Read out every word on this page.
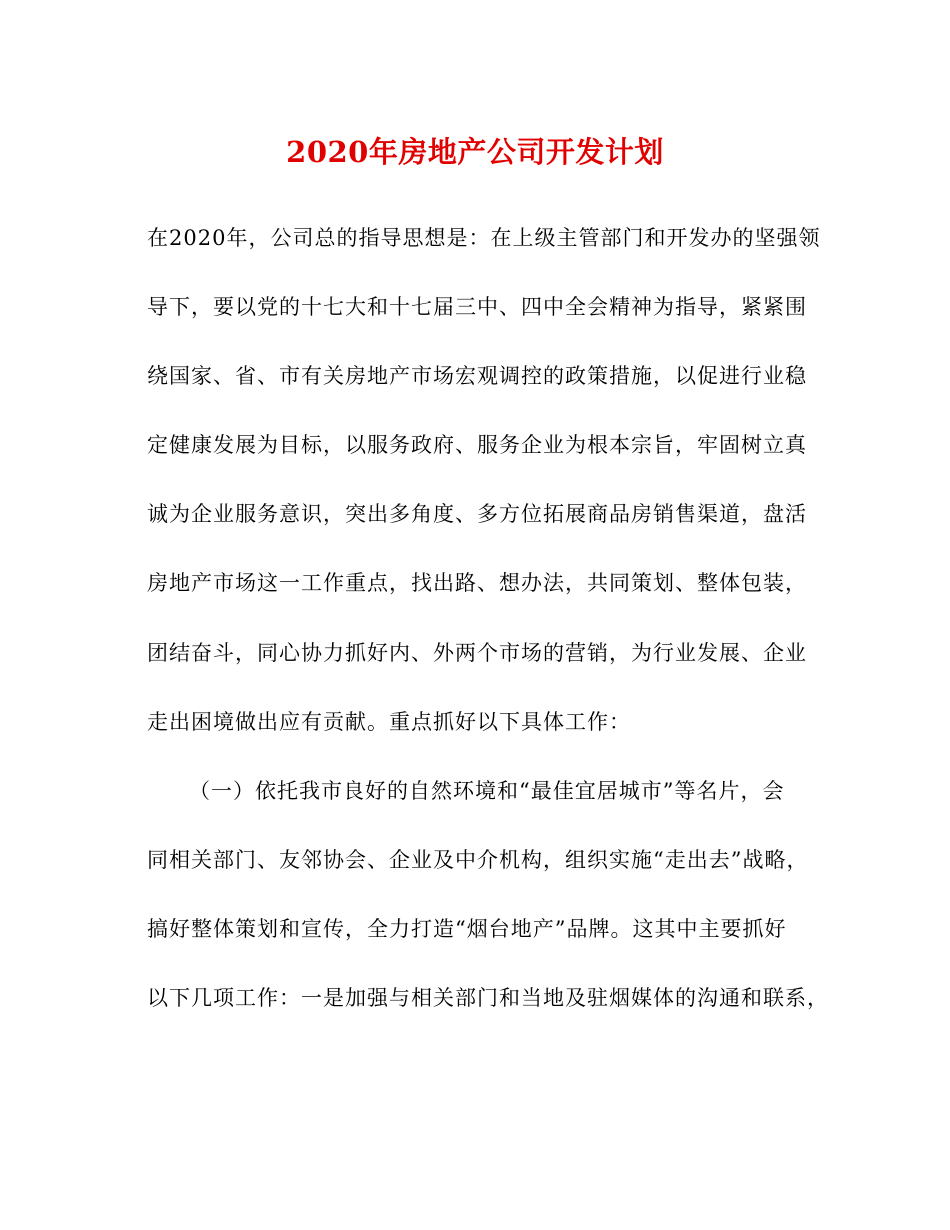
2020年房地产公司开发计划
在2020年，公司总的指导思想是：在上级主管部门和开发办的坚强领
导下，要以党的十七大和十七届三中、四中全会精神为指导，紧紧围
绕国家、省、市有关房地产市场宏观调控的政策措施，以促进行业稳
定健康发展为目标，以服务政府、服务企业为根本宗旨，牢固树立真
诚为企业服务意识，突出多角度、多方位拓展商品房销售渠道，盘活
房地产市场这一工作重点，找出路、想办法，共同策划、整体包装，
团结奋斗，同心协力抓好内、外两个市场的营销，为行业发展、企业
走出困境做出应有贡献。重点抓好以下具体工作：
（一）依托我市良好的自然环境和“最佳宜居城市”等名片，会
同相关部门、友邻协会、企业及中介机构，组织实施“走出去”战略，
搞好整体策划和宣传，全力打造“烟台地产”品牌。这其中主要抓好
以下几项工作：一是加强与相关部门和当地及驻烟媒体的沟通和联系，
